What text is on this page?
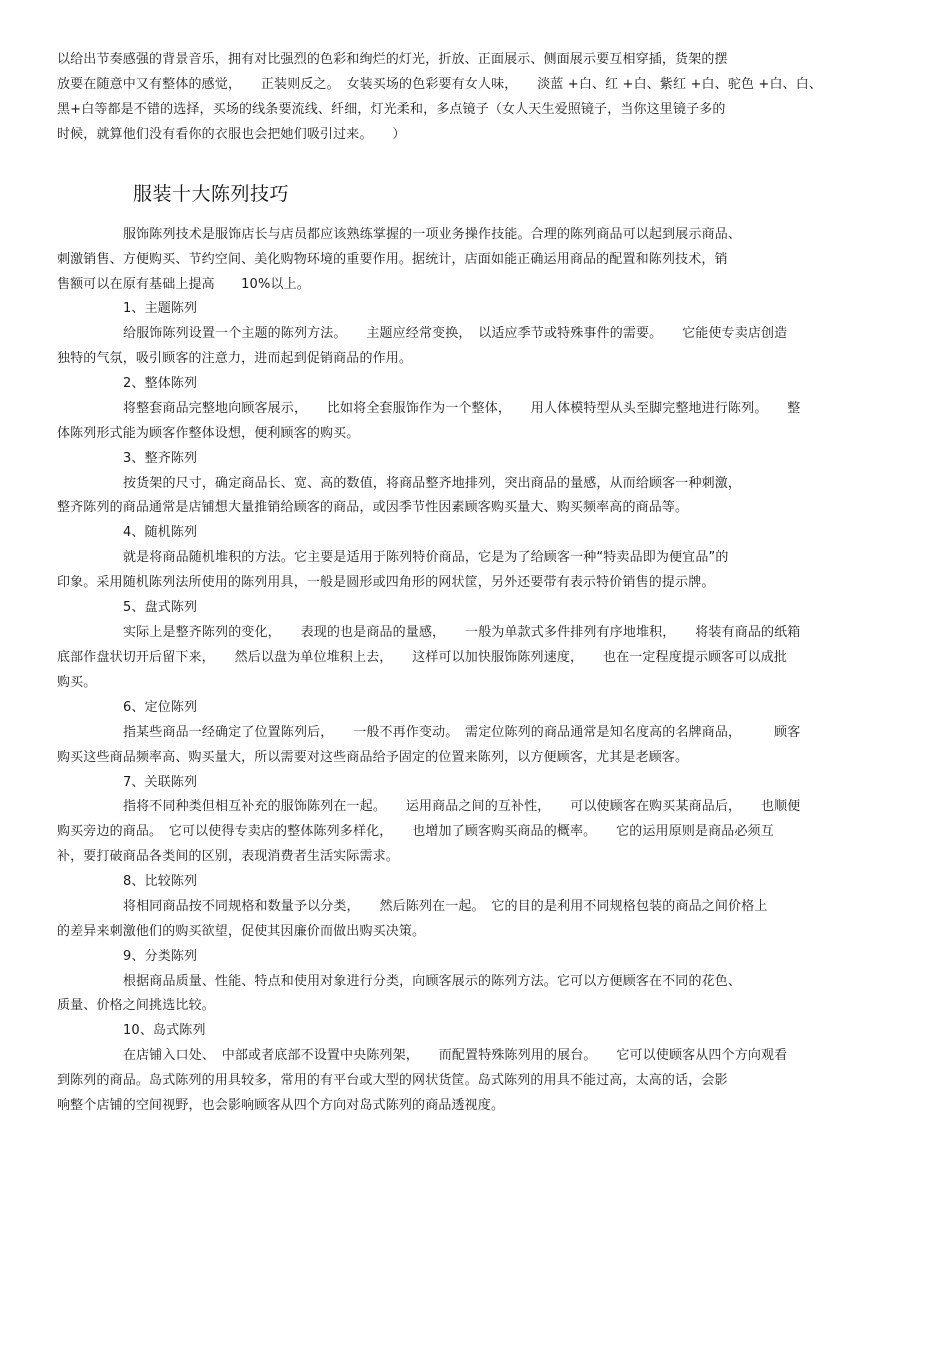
以给出节奏感强的背景音乐，拥有对比强烈的色彩和绚烂的灯光，折放、正面展示、侧面展示要互相穿插，货架的摆
放要在随意中又有整体的感觉，　　正装则反之。　女装买场的色彩要有女人味，　　淡蓝 +白、红 +白、紫红 +白、驼色 +白、白、
黑+白等都是不错的选择，买场的线条要流线、纤细，灯光柔和，多点镜子（女人天生爱照镜子，当你这里镜子多的
时候，就算他们没有看你的衣服也会把她们吸引过来。　　）
服装十大陈列技巧
服饰陈列技术是服饰店长与店员都应该熟练掌握的一项业务操作技能。合理的陈列商品可以起到展示商品、
刺激销售、方便购买、节约空间、美化购物环境的重要作用。据统计，店面如能正确运用商品的配置和陈列技术，销
售额可以在原有基础上提高　　10%以上。
1、主题陈列
给服饰陈列设置一个主题的陈列方法。　　主题应经常变换，　以适应季节或特殊事件的需要。　　它能使专卖店创造
独特的气氛，吸引顾客的注意力，进而起到促销商品的作用。
2、整体陈列
将整套商品完整地向顾客展示，　　比如将全套服饰作为一个整体，　　用人体模特型从头至脚完整地进行陈列。　　整
体陈列形式能为顾客作整体设想，便利顾客的购买。
3、整齐陈列
按货架的尺寸，确定商品长、宽、高的数值，将商品整齐地排列，突出商品的量感，从而给顾客一种刺激，
整齐陈列的商品通常是店铺想大量推销给顾客的商品，或因季节性因素顾客购买量大、购买频率高的商品等。
4、随机陈列
就是将商品随机堆积的方法。它主要是适用于陈列特价商品，它是为了给顾客一种“特卖品即为便宜品”的
印象。采用随机陈列法所使用的陈列用具，一般是圆形或四角形的网状筐，另外还要带有表示特价销售的提示牌。
5、盘式陈列
实际上是整齐陈列的变化，　　表现的也是商品的量感，　　一般为单款式多件排列有序地堆积，　　将装有商品的纸箱
底部作盘状切开后留下来，　　然后以盘为单位堆积上去，　　这样可以加快服饰陈列速度，　　也在一定程度提示顾客可以成批
购买。
6、定位陈列
指某些商品一经确定了位置陈列后，　　一般不再作变动。　需定位陈列的商品通常是知名度高的名牌商品，　　　顾客
购买这些商品频率高、购买量大，所以需要对这些商品给予固定的位置来陈列，以方便顾客，尤其是老顾客。
7、关联陈列
指将不同种类但相互补充的服饰陈列在一起。　　运用商品之间的互补性，　　可以使顾客在购买某商品后，　　也顺便
购买旁边的商品。　它可以使得专卖店的整体陈列多样化，　　也增加了顾客购买商品的概率。　　它的运用原则是商品必须互
补，要打破商品各类间的区别，表现消费者生活实际需求。
8、比较陈列
将相同商品按不同规格和数量予以分类，　　然后陈列在一起。　它的目的是利用不同规格包装的商品之间价格上
的差异来刺激他们的购买欲望，促使其因廉价而做出购买决策。
9、分类陈列
根据商品质量、性能、特点和使用对象进行分类，向顾客展示的陈列方法。它可以方便顾客在不同的花色、
质量、价格之间挑选比较。
10、岛式陈列
在店铺入口处、　中部或者底部不设置中央陈列架，　　而配置特殊陈列用的展台。　　它可以使顾客从四个方向观看
到陈列的商品。岛式陈列的用具较多，常用的有平台或大型的网状货筐。岛式陈列的用具不能过高，太高的话，会影
响整个店铺的空间视野，也会影响顾客从四个方向对岛式陈列的商品透视度。
